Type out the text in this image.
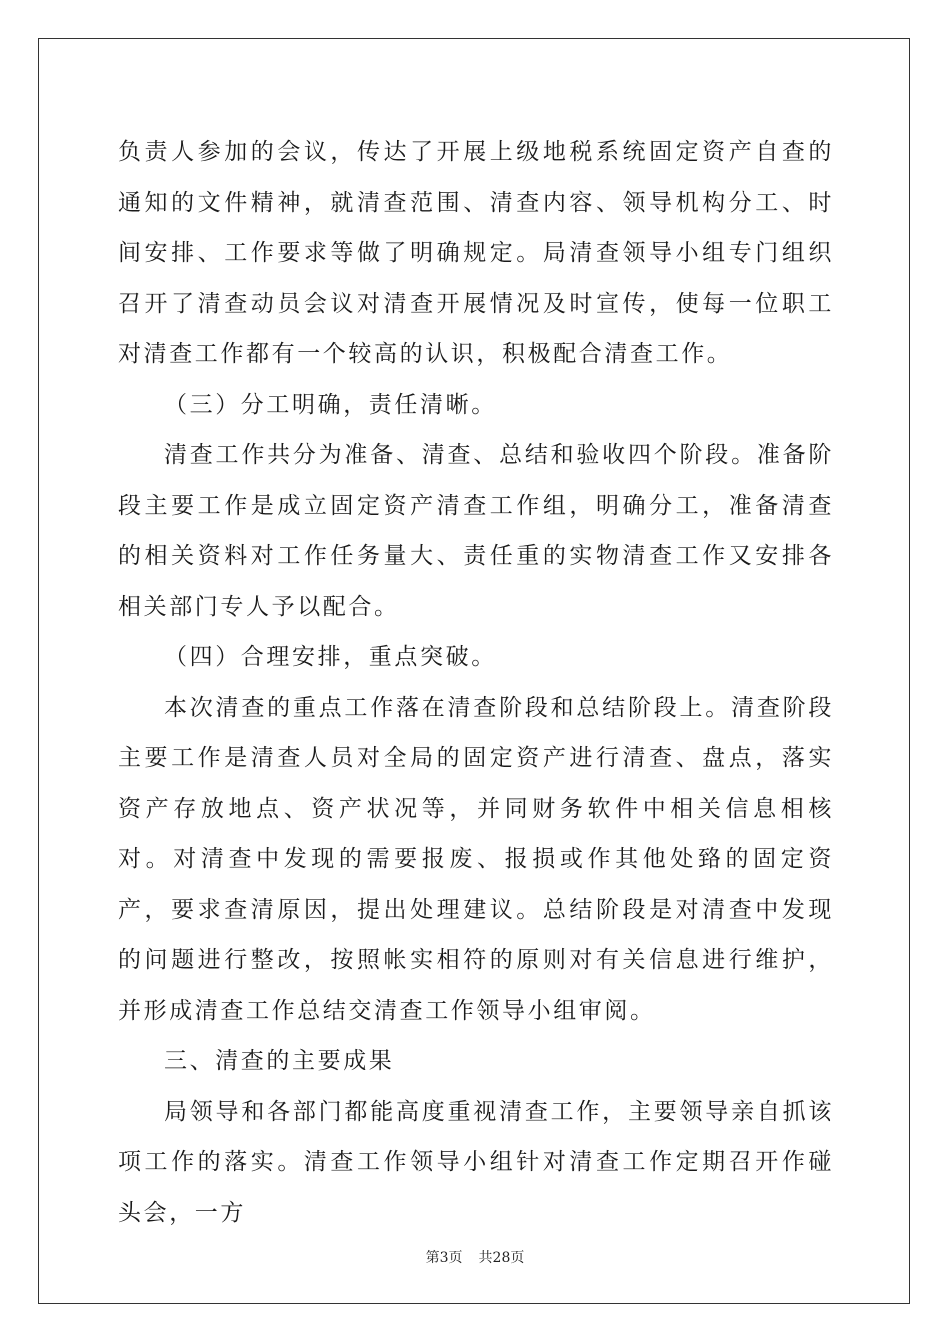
负责人参加的会议，传达了开展上级地税系统固定资产自查的通知的文件精神，就清查范围、清查内容、领导机构分工、时间安排、工作要求等做了明确规定。局清查领导小组专门组织召开了清查动员会议对清查开展情况及时宣传，使每一位职工对清查工作都有一个较高的认识，积极配合清查工作。

（三）分工明确，责任清晰。

清查工作共分为准备、清查、总结和验收四个阶段。准备阶段主要工作是成立固定资产清查工作组，明确分工，准备清查的相关资料对工作任务量大、责任重的实物清查工作又安排各相关部门专人予以配合。

（四）合理安排，重点突破。

本次清查的重点工作落在清查阶段和总结阶段上。清查阶段主要工作是清查人员对全局的固定资产进行清查、盘点，落实资产存放地点、资产状况等，并同财务软件中相关信息相核对。对清查中发现的需要报废、报损或作其他处臵的固定资产，要求查清原因，提出处理建议。总结阶段是对清查中发现的问题进行整改，按照帐实相符的原则对有关信息进行维护，并形成清查工作总结交清查工作领导小组审阅。

三、清查的主要成果

局领导和各部门都能高度重视清查工作，主要领导亲自抓该项工作的落实。清查工作领导小组针对清查工作定期召开作碰头会，一方

第3页 共28页
